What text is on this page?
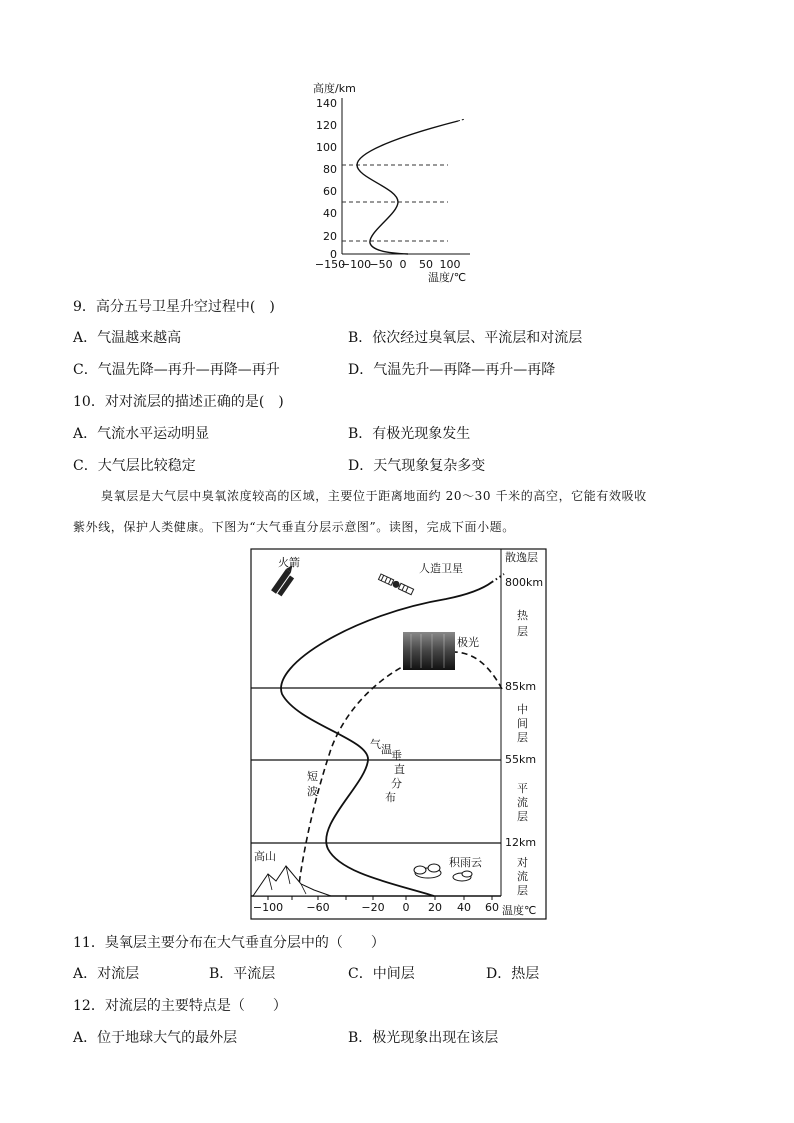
高度/km
140
120
100
80
60
40
20
0
−150
−100
−50 0 50 100
温度/℃
9．高分五号卫星升空过程中(　)
A．气温越来越高	B．依次经过臭氧层、平流层和对流层
C．气温先降—再升—再降—再升	D．气温先升—再降—再升—再降
10．对对流层的描述正确的是(　)
A．气流水平运动明显	B．有极光现象发生
C．大气层比较稳定	D．天气现象复杂多变
臭氧层是大气层中臭氧浓度较高的区域，主要位于距离地面约 20～30 千米的高空，它能有效吸收
紫外线，保护人类健康。下图为“大气垂直分层示意图”。读图，完成下面小题。
散逸层
800km
热
层
85km
中
间
层
55km
平
流
层
12km
对
流
层
火箭	人造卫星
极光
短
波
气 温 垂
直
分
布
高山	积雨云
−100 −60	−20 0 20 40 60 温度℃
11．臭氧层主要分布在大气垂直分层中的（　　）
A．对流层	B．平流层	C．中间层	D．热层
12．对流层的主要特点是（　　）
A．位于地球大气的最外层	B．极光现象出现在该层
